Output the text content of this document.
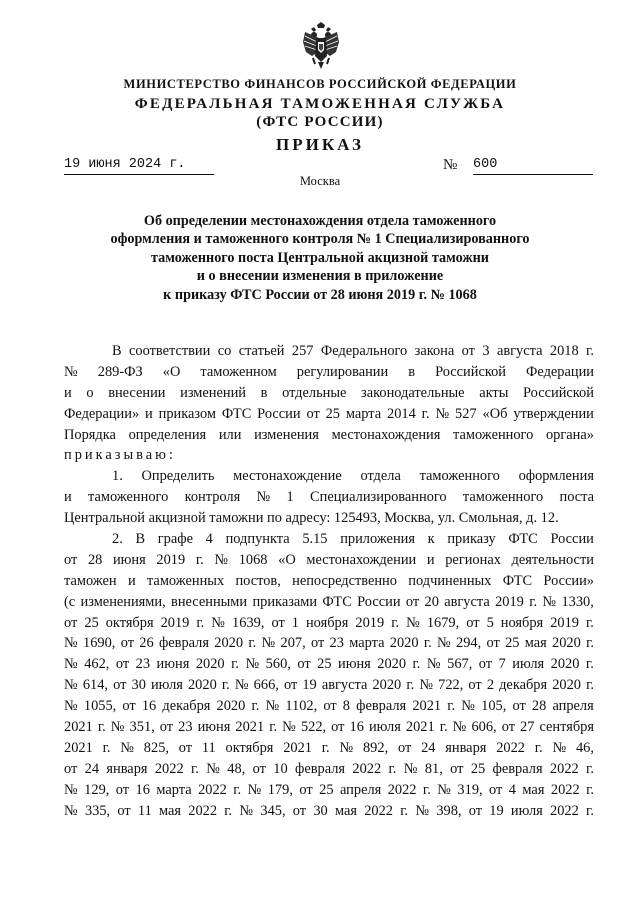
МИНИСТЕРСТВО ФИНАНСОВ РОССИЙСКОЙ ФЕДЕРАЦИИ
ФЕДЕРАЛЬНАЯ ТАМОЖЕННАЯ СЛУЖБА
(ФТС РОССИИ)
ПРИКАЗ
19 июня 2024 г.	№ 600
Москва
Об определении местонахождения отдела таможенного
оформления и таможенного контроля № 1 Специализированного
таможенного поста Центральной акцизной таможни
и о внесении изменения в приложение
к приказу ФТС России от 28 июня 2019 г. № 1068
В соответствии со статьей 257 Федерального закона от 3 августа 2018 г.
№ 289-ФЗ «О таможенном регулировании в Российской Федерации
и о внесении изменений в отдельные законодательные акты Российской
Федерации» и приказом ФТС России от 25 марта 2014 г. № 527 «Об утверждении
Порядка определения или изменения местонахождения таможенного органа»
приказываю:
1. Определить местонахождение отдела таможенного оформления
и таможенного контроля № 1 Специализированного таможенного поста
Центральной акцизной таможни по адресу: 125493, Москва, ул. Смольная, д. 12.
2. В графе 4 подпункта 5.15 приложения к приказу ФТС России
от 28 июня 2019 г. № 1068 «О местонахождении и регионах деятельности
таможен и таможенных постов, непосредственно подчиненных ФТС России»
(с изменениями, внесенными приказами ФТС России от 20 августа 2019 г. № 1330,
от 25 октября 2019 г. № 1639, от 1 ноября 2019 г. № 1679, от 5 ноября 2019 г.
№ 1690, от 26 февраля 2020 г. № 207, от 23 марта 2020 г. № 294, от 25 мая 2020 г.
№ 462, от 23 июня 2020 г. № 560, от 25 июня 2020 г. № 567, от 7 июля 2020 г.
№ 614, от 30 июля 2020 г. № 666, от 19 августа 2020 г. № 722, от 2 декабря 2020 г.
№ 1055, от 16 декабря 2020 г. № 1102, от 8 февраля 2021 г. № 105, от 28 апреля
2021 г. № 351, от 23 июня 2021 г. № 522, от 16 июля 2021 г. № 606, от 27 сентября
2021 г. № 825, от 11 октября 2021 г. № 892, от 24 января 2022 г. № 46,
от 24 января 2022 г. № 48, от 10 февраля 2022 г. № 81, от 25 февраля 2022 г.
№ 129, от 16 марта 2022 г. № 179, от 25 апреля 2022 г. № 319, от 4 мая 2022 г.
№ 335, от 11 мая 2022 г. № 345, от 30 мая 2022 г. № 398, от 19 июля 2022 г.
